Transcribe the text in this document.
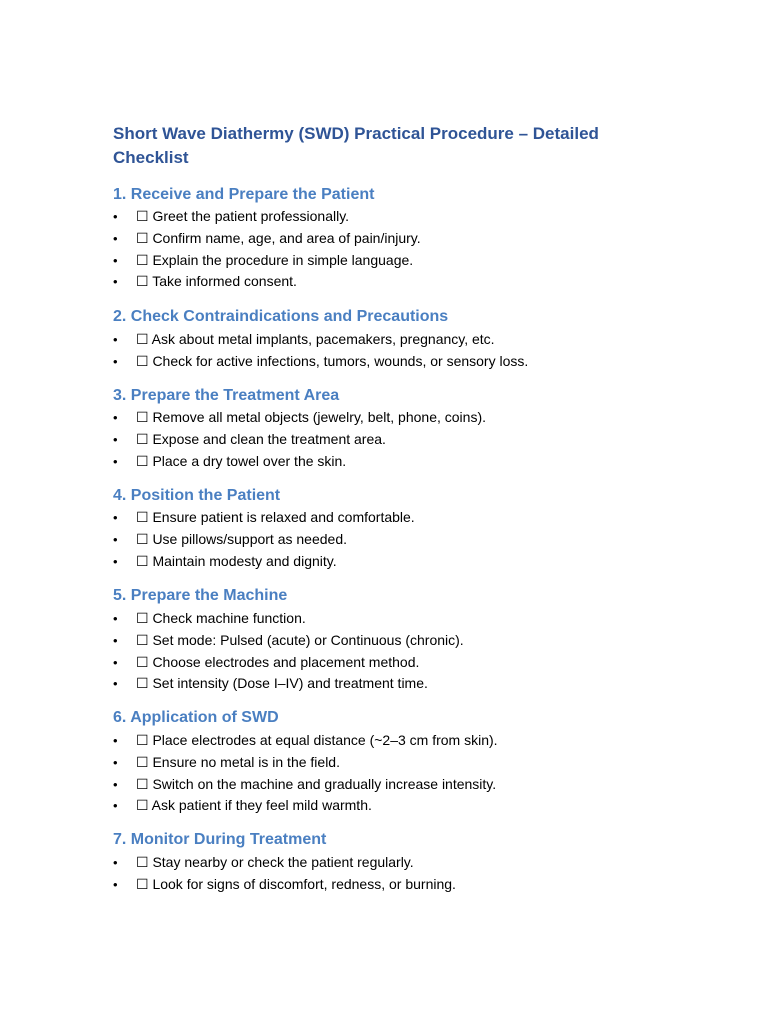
Short Wave Diathermy (SWD) Practical Procedure – Detailed Checklist
1. Receive and Prepare the Patient
• ☐ Greet the patient professionally.
• ☐ Confirm name, age, and area of pain/injury.
• ☐ Explain the procedure in simple language.
• ☐ Take informed consent.
2. Check Contraindications and Precautions
• ☐ Ask about metal implants, pacemakers, pregnancy, etc.
• ☐ Check for active infections, tumors, wounds, or sensory loss.
3. Prepare the Treatment Area
• ☐ Remove all metal objects (jewelry, belt, phone, coins).
• ☐ Expose and clean the treatment area.
• ☐ Place a dry towel over the skin.
4. Position the Patient
• ☐ Ensure patient is relaxed and comfortable.
• ☐ Use pillows/support as needed.
• ☐ Maintain modesty and dignity.
5. Prepare the Machine
• ☐ Check machine function.
• ☐ Set mode: Pulsed (acute) or Continuous (chronic).
• ☐ Choose electrodes and placement method.
• ☐ Set intensity (Dose I–IV) and treatment time.
6. Application of SWD
• ☐ Place electrodes at equal distance (~2–3 cm from skin).
• ☐ Ensure no metal is in the field.
• ☐ Switch on the machine and gradually increase intensity.
• ☐ Ask patient if they feel mild warmth.
7. Monitor During Treatment
• ☐ Stay nearby or check the patient regularly.
• ☐ Look for signs of discomfort, redness, or burning.
